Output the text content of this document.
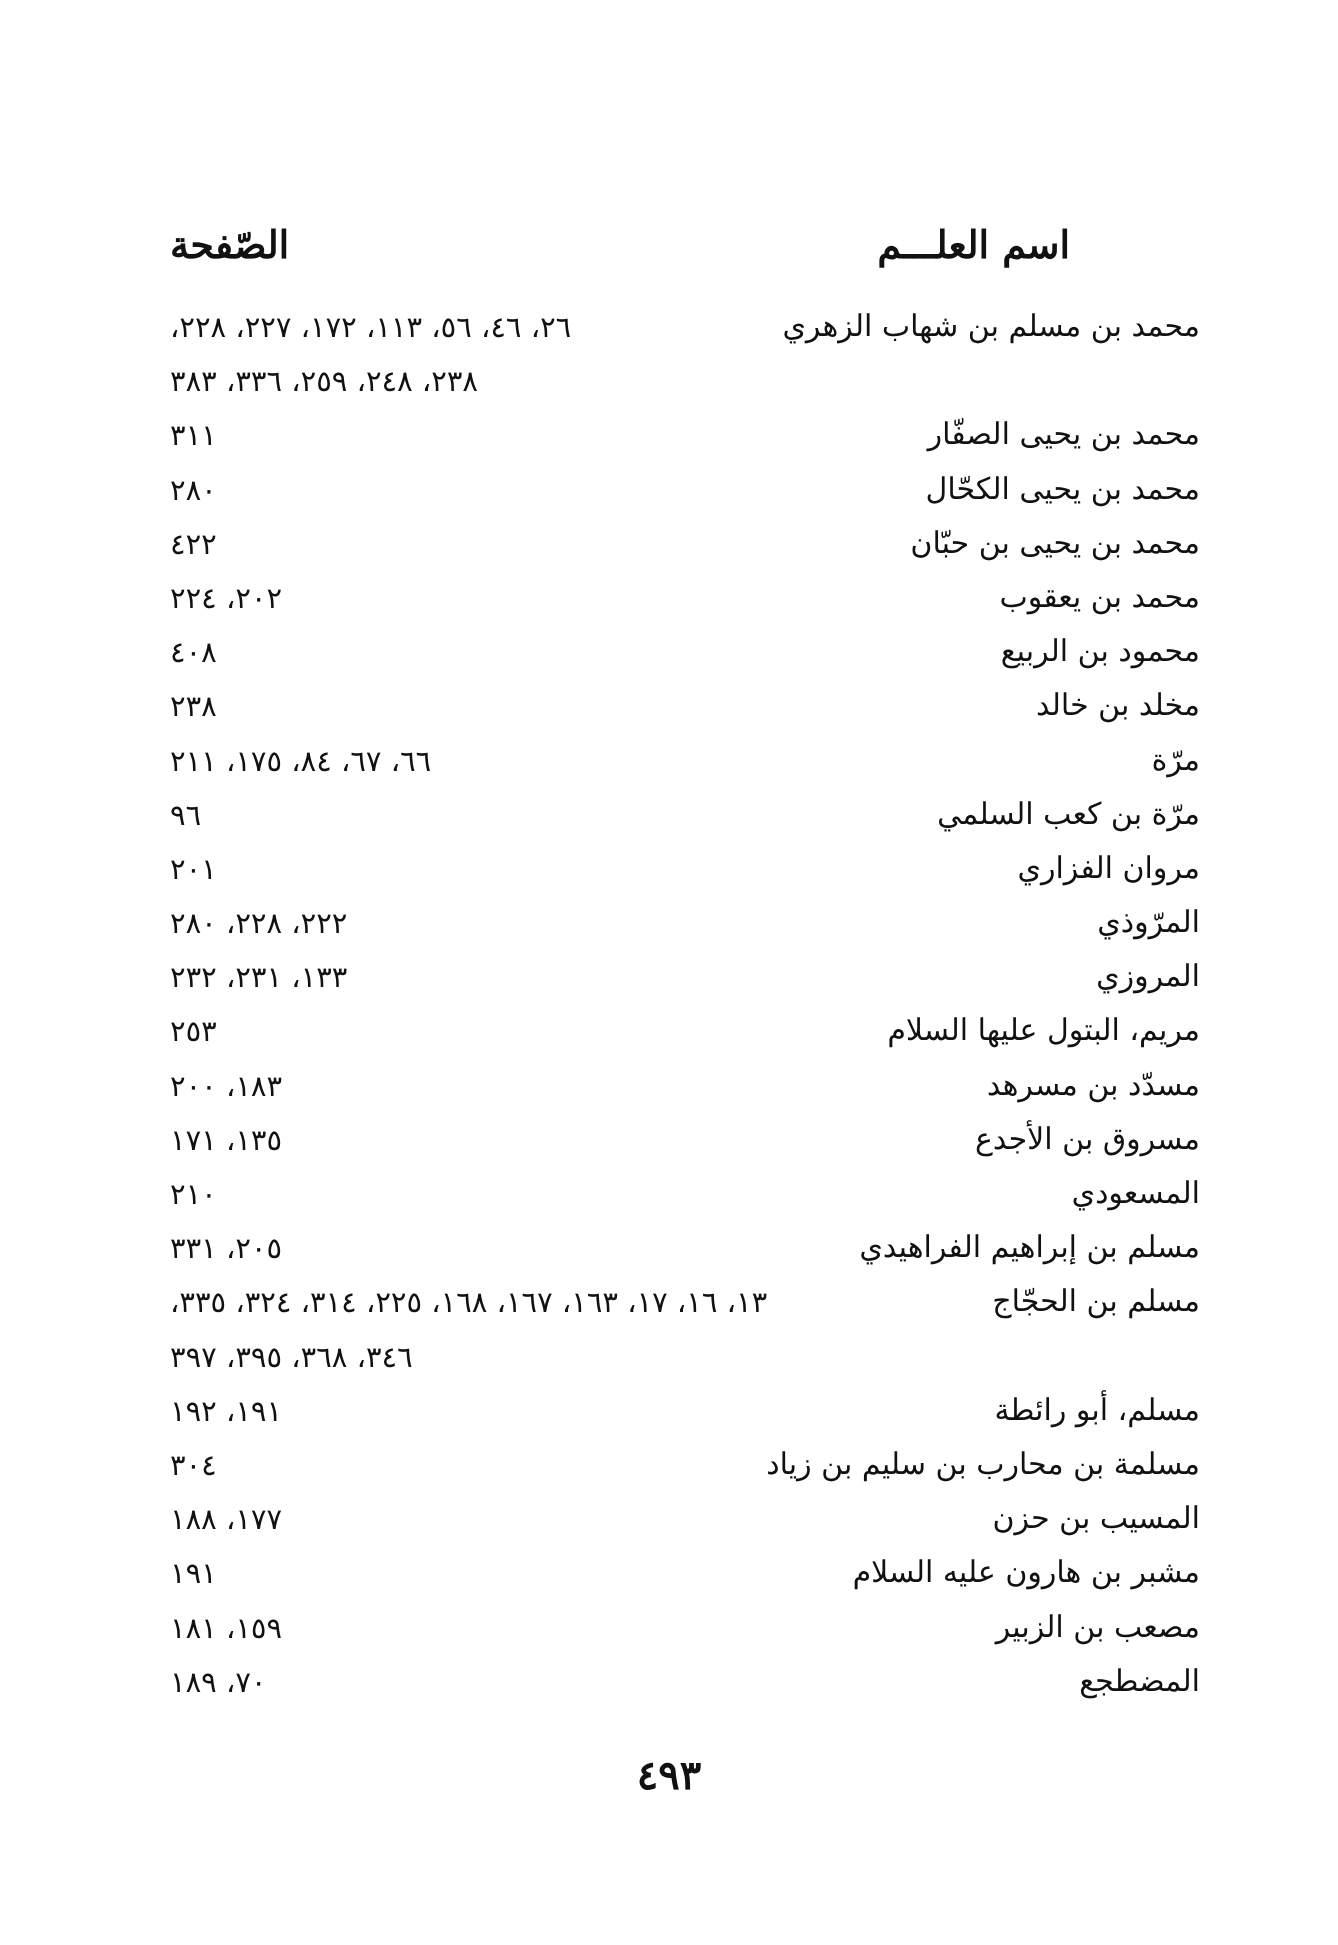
اسم العلـــم
الصّفحة
محمد بن مسلم بن شهاب الزهري
٢٦، ٤٦، ٥٦، ١١٣، ١٧٢، ٢٢٧، ٢٢٨،
٢٣٨، ٢٤٨، ٢٥٩، ٣٣٦، ٣٨٣
محمد بن يحيى الصفّار
٣١١
محمد بن يحيى الكحّال
٢٨٠
محمد بن يحيى بن حبّان
٤٢٢
محمد بن يعقوب
٢٠٢، ٢٢٤
محمود بن الربيع
٤٠٨
مخلد بن خالد
٢٣٨
مرّة
٦٦، ٦٧، ٨٤، ١٧٥، ٢١١
مرّة بن كعب السلمي
٩٦
مروان الفزاري
٢٠١
المرّوذي
٢٢٢، ٢٢٨، ٢٨٠
المروزي
١٣٣، ٢٣١، ٢٣٢
مريم، البتول عليها السلام
٢٥٣
مسدّد بن مسرهد
١٨٣، ٢٠٠
مسروق بن الأجدع
١٣٥، ١٧١
المسعودي
٢١٠
مسلم بن إبراهيم الفراهيدي
٢٠٥، ٣٣١
مسلم بن الحجّاج
١٣، ١٦، ١٧، ١٦٣، ١٦٧، ١٦٨، ٢٢٥، ٣١٤، ٣٢٤، ٣٣٥،
٣٤٦، ٣٦٨، ٣٩٥، ٣٩٧
مسلم، أبو رائطة
١٩١، ١٩٢
مسلمة بن محارب بن سليم بن زياد
٣٠٤
المسيب بن حزن
١٧٧، ١٨٨
مشبر بن هارون عليه السلام
١٩١
مصعب بن الزبير
١٥٩، ١٨١
المضطجع
٧٠، ١٨٩
٤٩٣
